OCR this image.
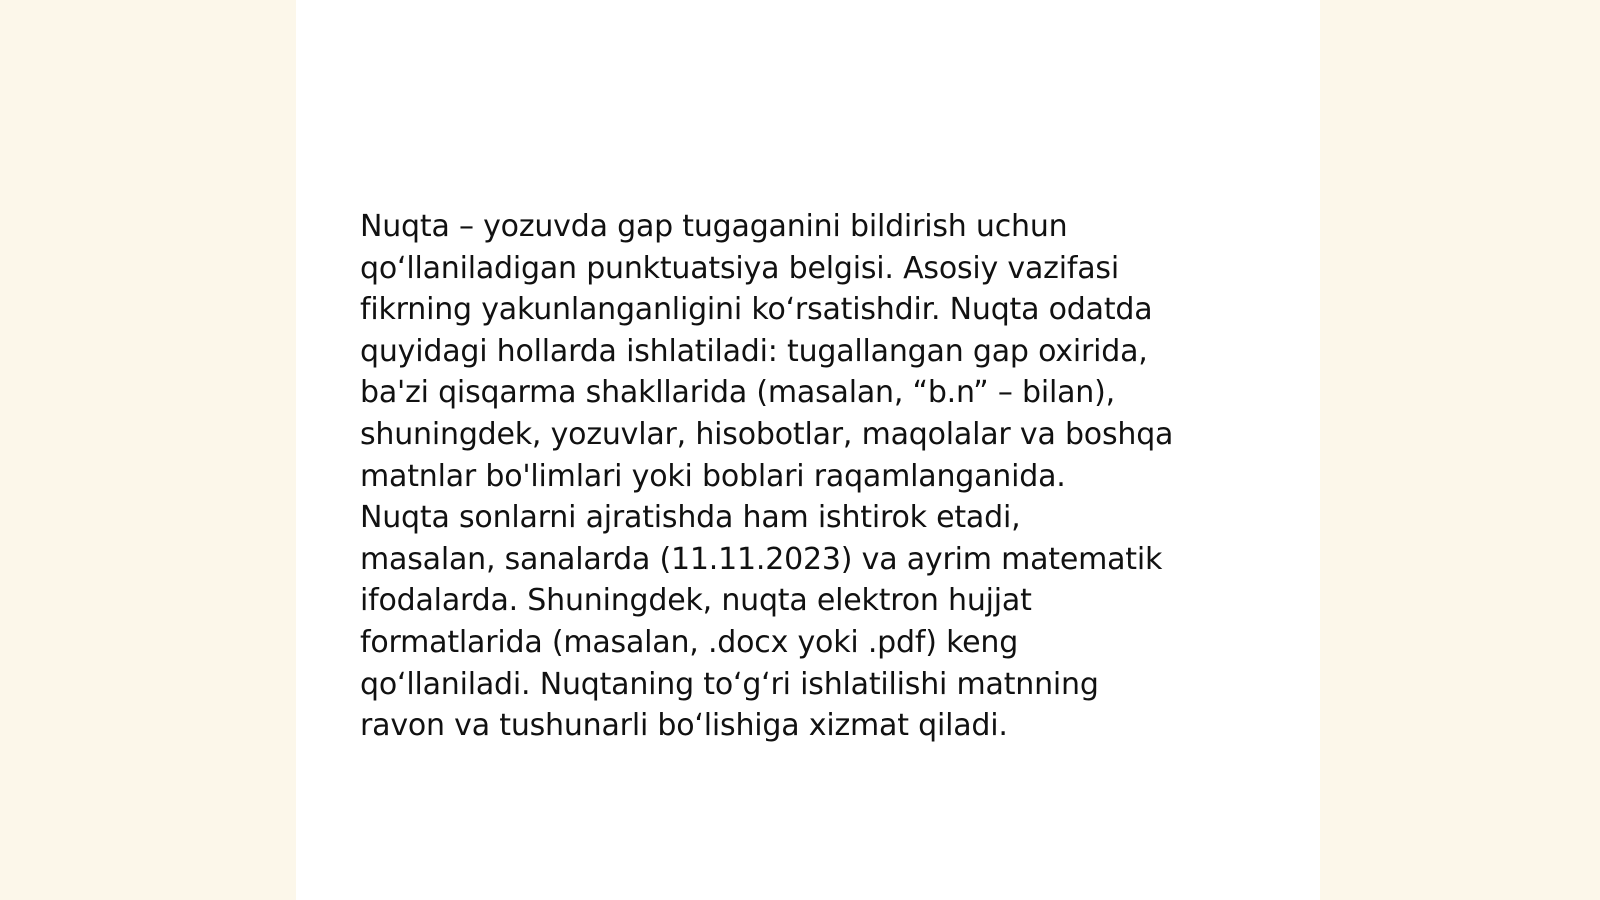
Nuqta – yozuvda gap tugaganini bildirish uchun
qo‘llaniladigan punktuatsiya belgisi. Asosiy vazifasi
fikrning yakunlanganligini ko‘rsatishdir. Nuqta odatda
quyidagi hollarda ishlatiladi: tugallangan gap oxirida,
ba'zi qisqarma shakllarida (masalan, “b.n” – bilan),
shuningdek, yozuvlar, hisobotlar, maqolalar va boshqa
matnlar bo'limlari yoki boblari raqamlanganida.
Nuqta sonlarni ajratishda ham ishtirok etadi,
masalan, sanalarda (11.11.2023) va ayrim matematik
ifodalarda. Shuningdek, nuqta elektron hujjat
formatlarida (masalan, .docx yoki .pdf) keng
qo‘llaniladi. Nuqtaning to‘g‘ri ishlatilishi matnning
ravon va tushunarli bo‘lishiga xizmat qiladi.
